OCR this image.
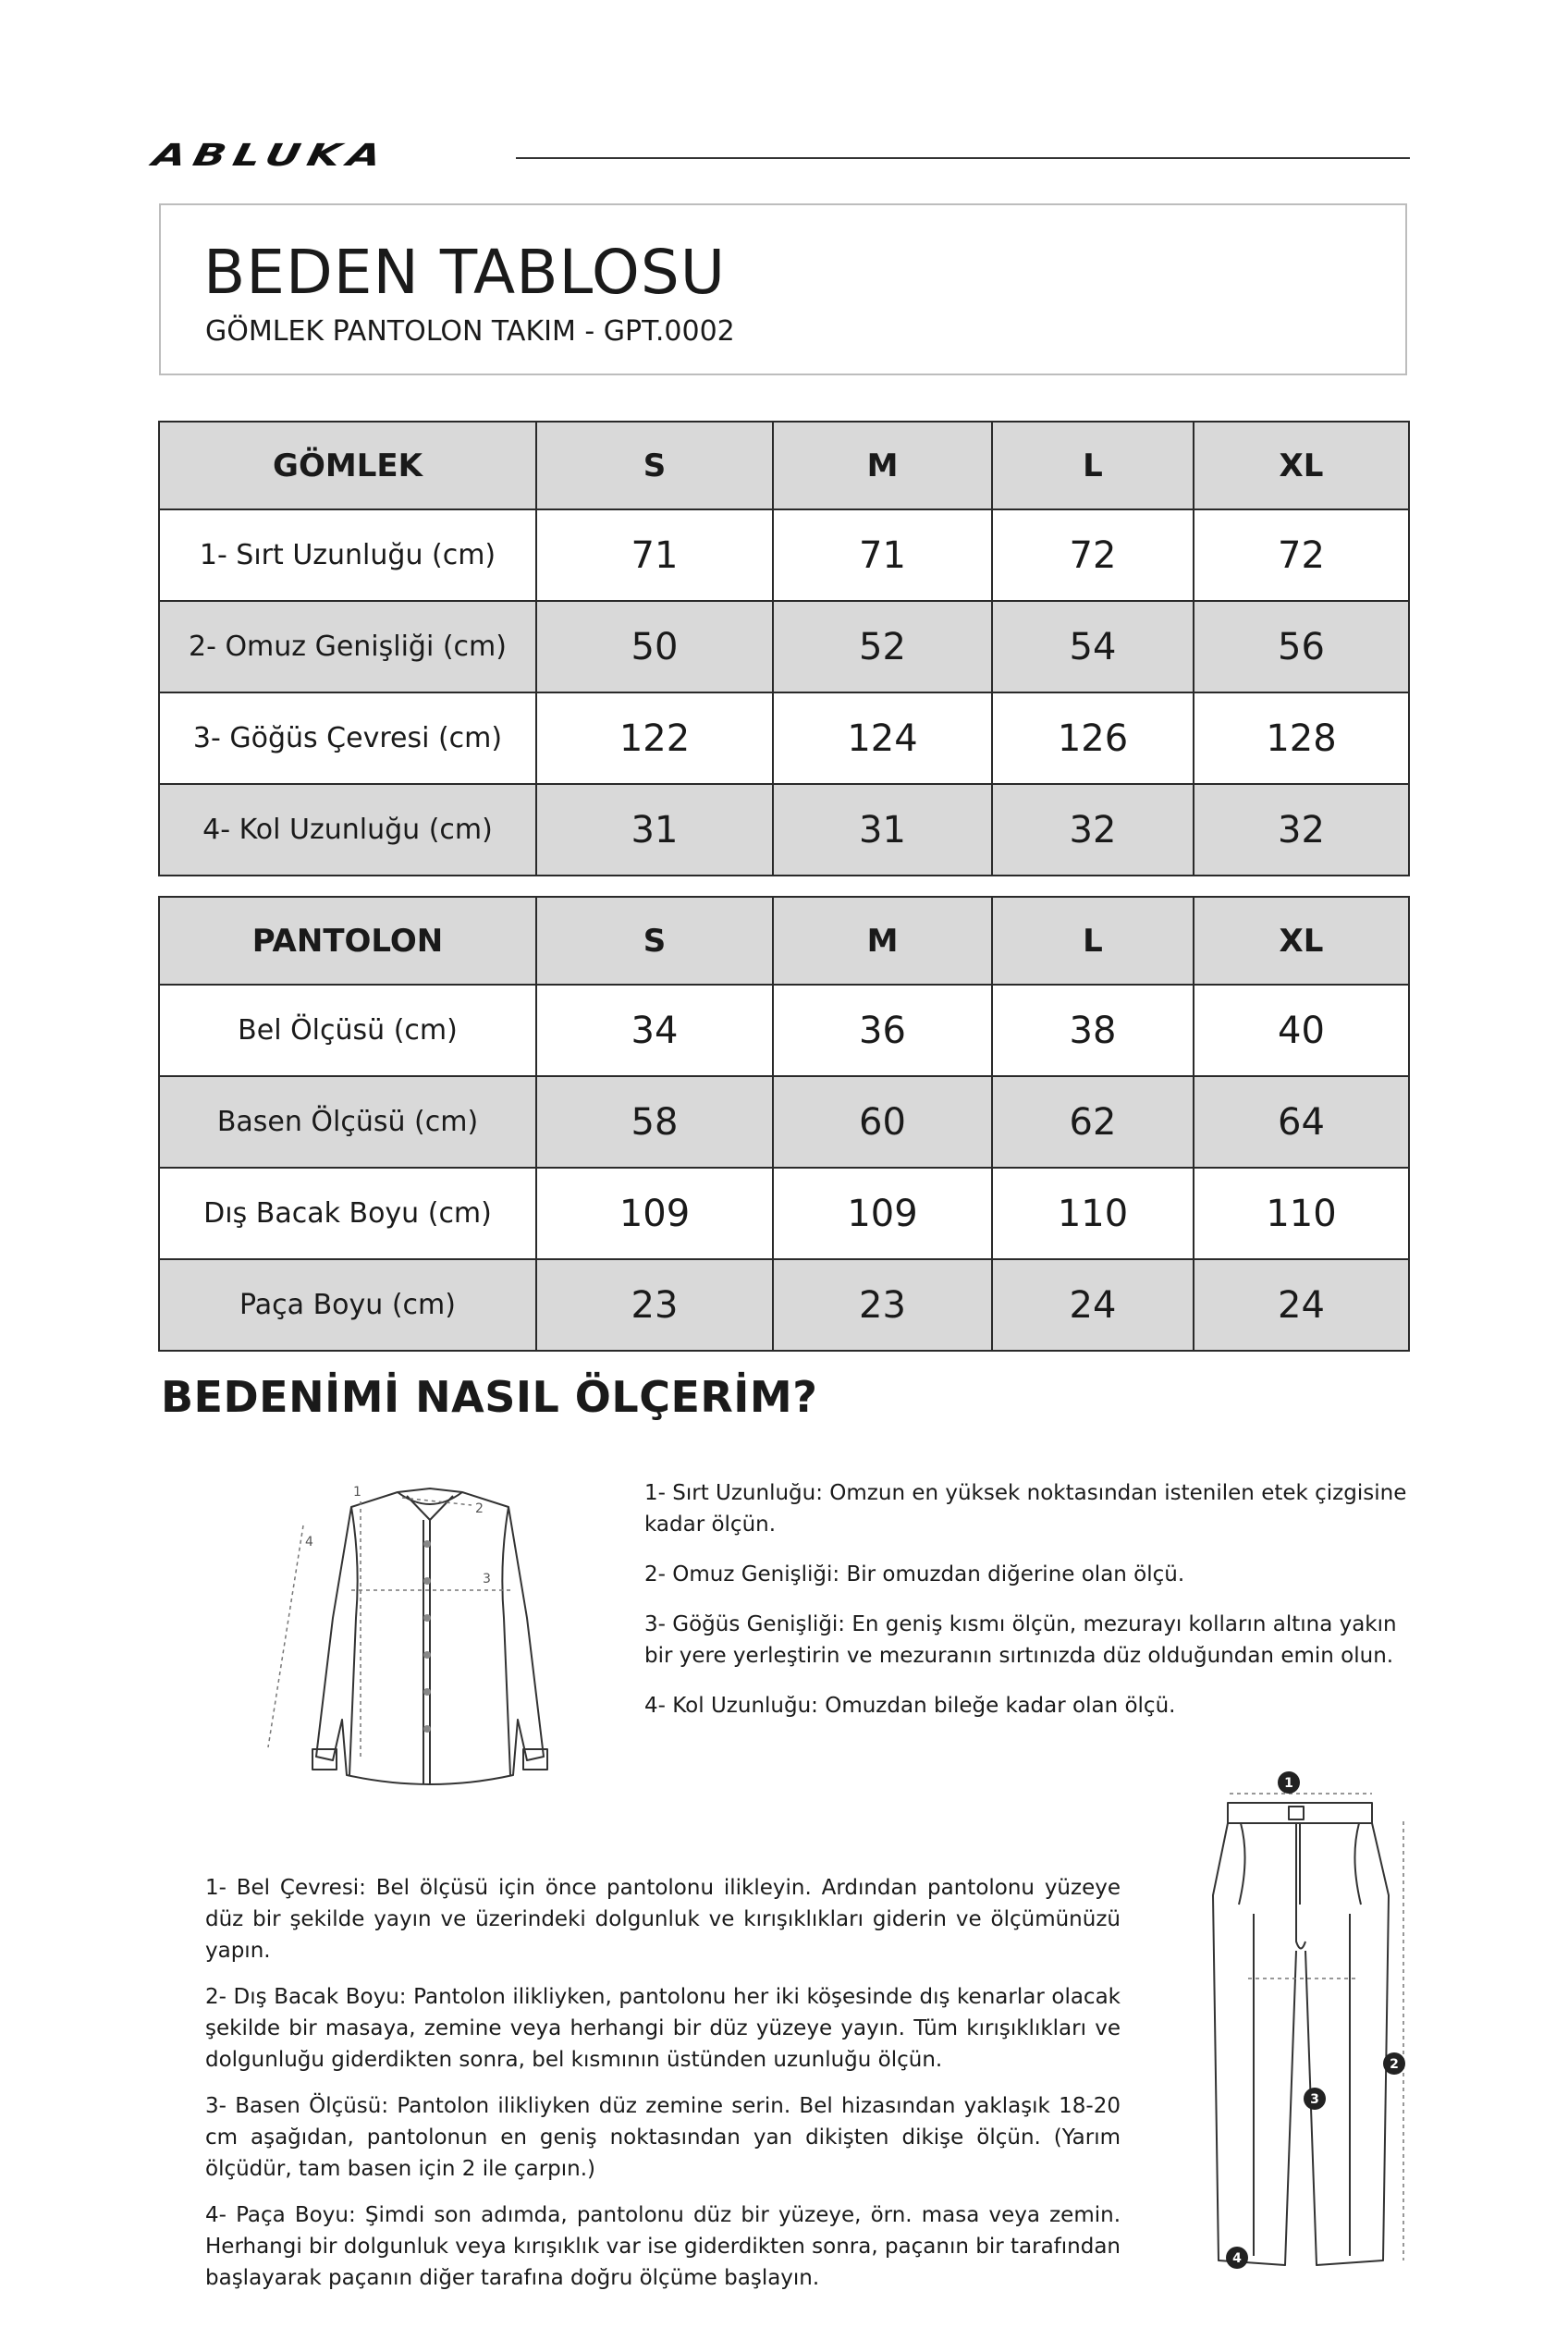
ABLUKA
BEDEN TABLOSU
GÖMLEK PANTOLON TAKIM - GPT.0002
GÖMLEK	S	M	L	XL
1- Sırt Uzunluğu (cm)	71	71	72	72
2- Omuz Genişliği (cm)	50	52	54	56
3- Göğüs Çevresi (cm)	122	124	126	128
4- Kol Uzunluğu (cm)	31	31	32	32
PANTOLON	S	M	L	XL
Bel Ölçüsü (cm)	34	36	38	40
Basen Ölçüsü (cm)	58	60	62	64
Dış Bacak Boyu (cm)	109	109	110	110
Paça Boyu (cm)	23	23	24	24
BEDENİMİ NASIL ÖLÇERİM?
1
2
3
4

1- Sırt Uzunluğu: Omzun en yüksek noktasından istenilen etek çizgisine kadar ölçün.

2- Omuz Genişliği: Bir omuzdan diğerine olan ölçü.

3- Göğüs Genişliği: En geniş kısmı ölçün, mezurayı kolların altına yakın bir yere yerleştirin ve mezuranın sırtınızda düz olduğundan emin olun.

4- Kol Uzunluğu: Omuzdan bileğe kadar olan ölçü.

1- Bel Çevresi: Bel ölçüsü için önce pantolonu ilikleyin. Ardından pantolonu yüzeye düz bir şekilde yayın ve üzerindeki dolgunluk ve kırışıklıkları giderin ve ölçümünüzü yapın.

2- Dış Bacak Boyu: Pantolon ilikliyken, pantolonu her iki köşesinde dış kenarlar olacak şekilde bir masaya, zemine veya herhangi bir düz yüzeye yayın. Tüm kırışıklıkları ve dolgunluğu giderdikten sonra, bel kısmının üstünden uzunluğu ölçün.

3- Basen Ölçüsü: Pantolon ilikliyken düz zemine serin. Bel hizasından yaklaşık 18-20 cm aşağıdan, pantolonun en geniş noktasından yan dikişten dikişe ölçün. (Yarım ölçüdür, tam basen için 2 ile çarpın.)

4- Paça Boyu: Şimdi son adımda, pantolonu düz bir yüzeye, örn. masa veya zemin. Herhangi bir dolgunluk veya kırışıklık var ise giderdikten sonra, paçanın bir tarafından başlayarak paçanın diğer tarafına doğru ölçüme başlayın.

1
2
3
4
